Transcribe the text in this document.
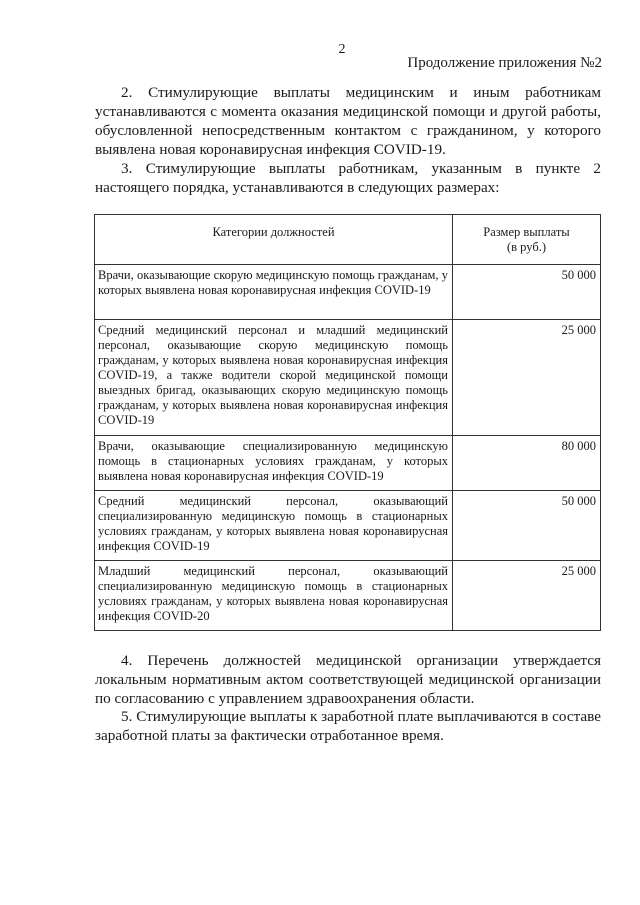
2
Продолжение приложения №2

2. Стимулирующие выплаты медицинским и иным работникам устанавливаются с момента оказания медицинской помощи и другой работы, обусловленной непосредственным контактом с гражданином, у которого выявлена новая коронавирусная инфекция COVID-19.

3. Стимулирующие выплаты работникам, указанным в пункте 2 настоящего порядка, устанавливаются в следующих размерах:

Категории должностей	Размер выплаты
(в руб.)
Врачи, оказывающие скорую медицинскую помощь гражданам, у которых выявлена новая коронавирусная инфекция COVID-19	50 000
Средний медицинский персонал и младший медицинский персонал, оказывающие скорую медицинскую помощь гражданам, у которых выявлена новая коронавирусная инфекция COVID-19, а также водители скорой медицинской помощи выездных бригад, оказывающих скорую медицинскую помощь гражданам, у которых выявлена новая коронавирусная инфекция COVID-19	25 000
Врачи, оказывающие специализированную медицинскую помощь в стационарных условиях гражданам, у которых выявлена новая коронавирусная инфекция COVID-19	80 000
Средний медицинский персонал, оказывающий специализированную медицинскую помощь в стационарных условиях гражданам, у которых выявлена новая коронавирусная инфекция COVID-19	50 000
Младший медицинский персонал, оказывающий специализированную медицинскую помощь в стационарных условиях гражданам, у которых выявлена новая коронавирусная инфекция COVID-20	25 000

4. Перечень должностей медицинской организации утверждается локальным нормативным актом соответствующей медицинской организации по согласованию с управлением здравоохранения области.

5. Стимулирующие выплаты к заработной плате выплачиваются в составе заработной платы за фактически отработанное время.
